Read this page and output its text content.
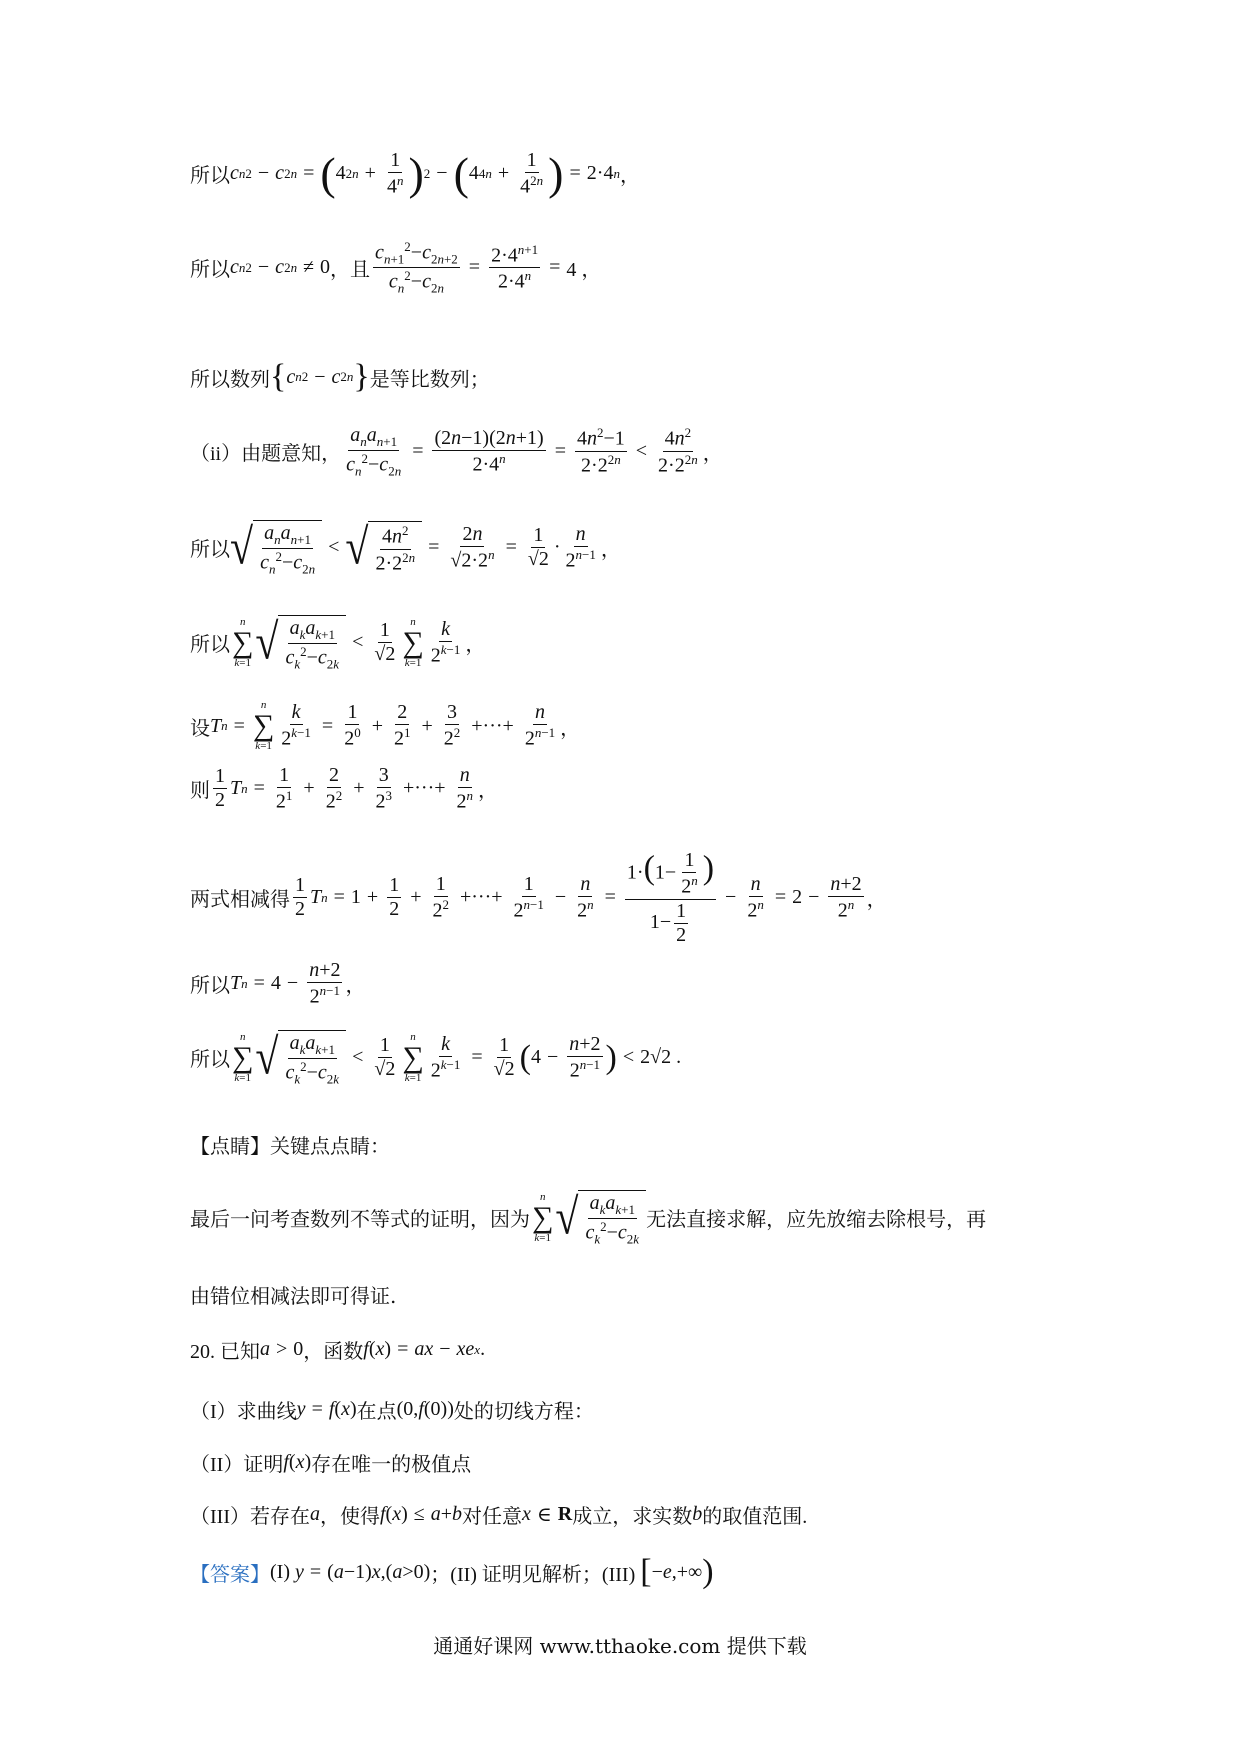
所以 c n 2 − c 2n = ( 4 $2n + \frac{1}{4^n}$ ) 2 − ( 4 $4n + \frac{1}{4^{2n}}$ ) = 2·4 n ，
所以 c n 2 − c 2n ≠ 0 ，且 $\frac{c_{n+1}^2-c_{2n+2}}{c_n^2-c_{2n}} = \frac{2\cdot 4^{n+1}}{2\cdot 4^n} = 4$ ，
所以数列 { c n 2 − c 2n } 是等比数列；
（ii）由题意知， $\frac{a_na_{n+1}}{c_n^2-c_{2n}} = \frac{(2n-1)(2n+1)}{2\cdot 4^n} = \frac{4n^2-1}{2\cdot 2^{2n}} < \frac{4n^2}{2\cdot 2^{2n}}$ ，
所以 √ $\frac{a_na_{n+1}}{c_n^2-c_{2n}}$ < √ $\frac{4n^2}{2\cdot 2^{2n}} = \frac{2n}{√2\cdot 2^n} = \frac{1}{√2} \cdot \frac{n}{2^{n-1}}$ ，
所以
n
∑
k=1 √ $\frac{a_ka_{k+1}}{c_k^2-c_{2k}} < \frac{1}{√2}$ n
∑
$k=1 \frac{k}{2^{k-1}}$ ，
设 T n =
n
∑
$k=1 \frac{k}{2^{k-1}} = \frac{1}{2^0} + \frac{2}{2^1} + \frac{3}{2^2}$ +···+ $\frac{n}{2^{n-1}}$ ，
则 $\frac{1}{2}$ T $n = \frac{1}{2^1} + \frac{2}{2^2} + \frac{3}{2^3}$ +···+ $\frac{n}{2^n}$ ，
两式相减得 $\frac{1}{2}$ T $n = 1 + \frac{1}{2} + \frac{1}{2^2}$ +···+ $\frac{1}{2^{n-1}} - \frac{n}{2^n} = \frac{1\cdot(1- \frac{1}{2^n} )}{1- \frac{1}{2}} - \frac{n}{2^n} = 2 - \frac{n+2}{2^n}$ ，
所以 T $n = 4 - \frac{n+2}{2^{n-1}}$ ，
所以
n
∑
k=1 √ $\frac{a_ka_{k+1}}{c_k^2-c_{2k}} < \frac{1}{√2}$ n
∑
$k=1 \frac{k}{2^{k-1}} = \frac{1}{√2}$ ( $4 - \frac{n+2}{2^{n-1}}$ ) < 2√2 .
【点睛】关键点点睛：
最后一问考查数列不等式的证明，因为
n
∑
k=1 √ $\frac{a_ka_{k+1}}{c_k^2-c_{2k}}$ 无法直接求解，应先放缩去除根号，再
由错位相减法即可得证.
20. 已知 a > 0 ，函数 f ( x ) = ax − xe x .
（I）求曲线 y = f ( x ) 在点 (0, f (0)) 处的切线方程：
（II）证明 f ( x ) 存在唯一的极值点
（III）若存在 a ，使得 f ( x ) ≤ a + b 对任意 x ∈ R 成立，求实数 b 的取值范围.
【答案】 (I)
y = ( a −1) x ,( a >0) ；(II) 证明见解析；(III)
[ − e ,+∞ )
通通好课网 www.tthaoke.com 提供下载
